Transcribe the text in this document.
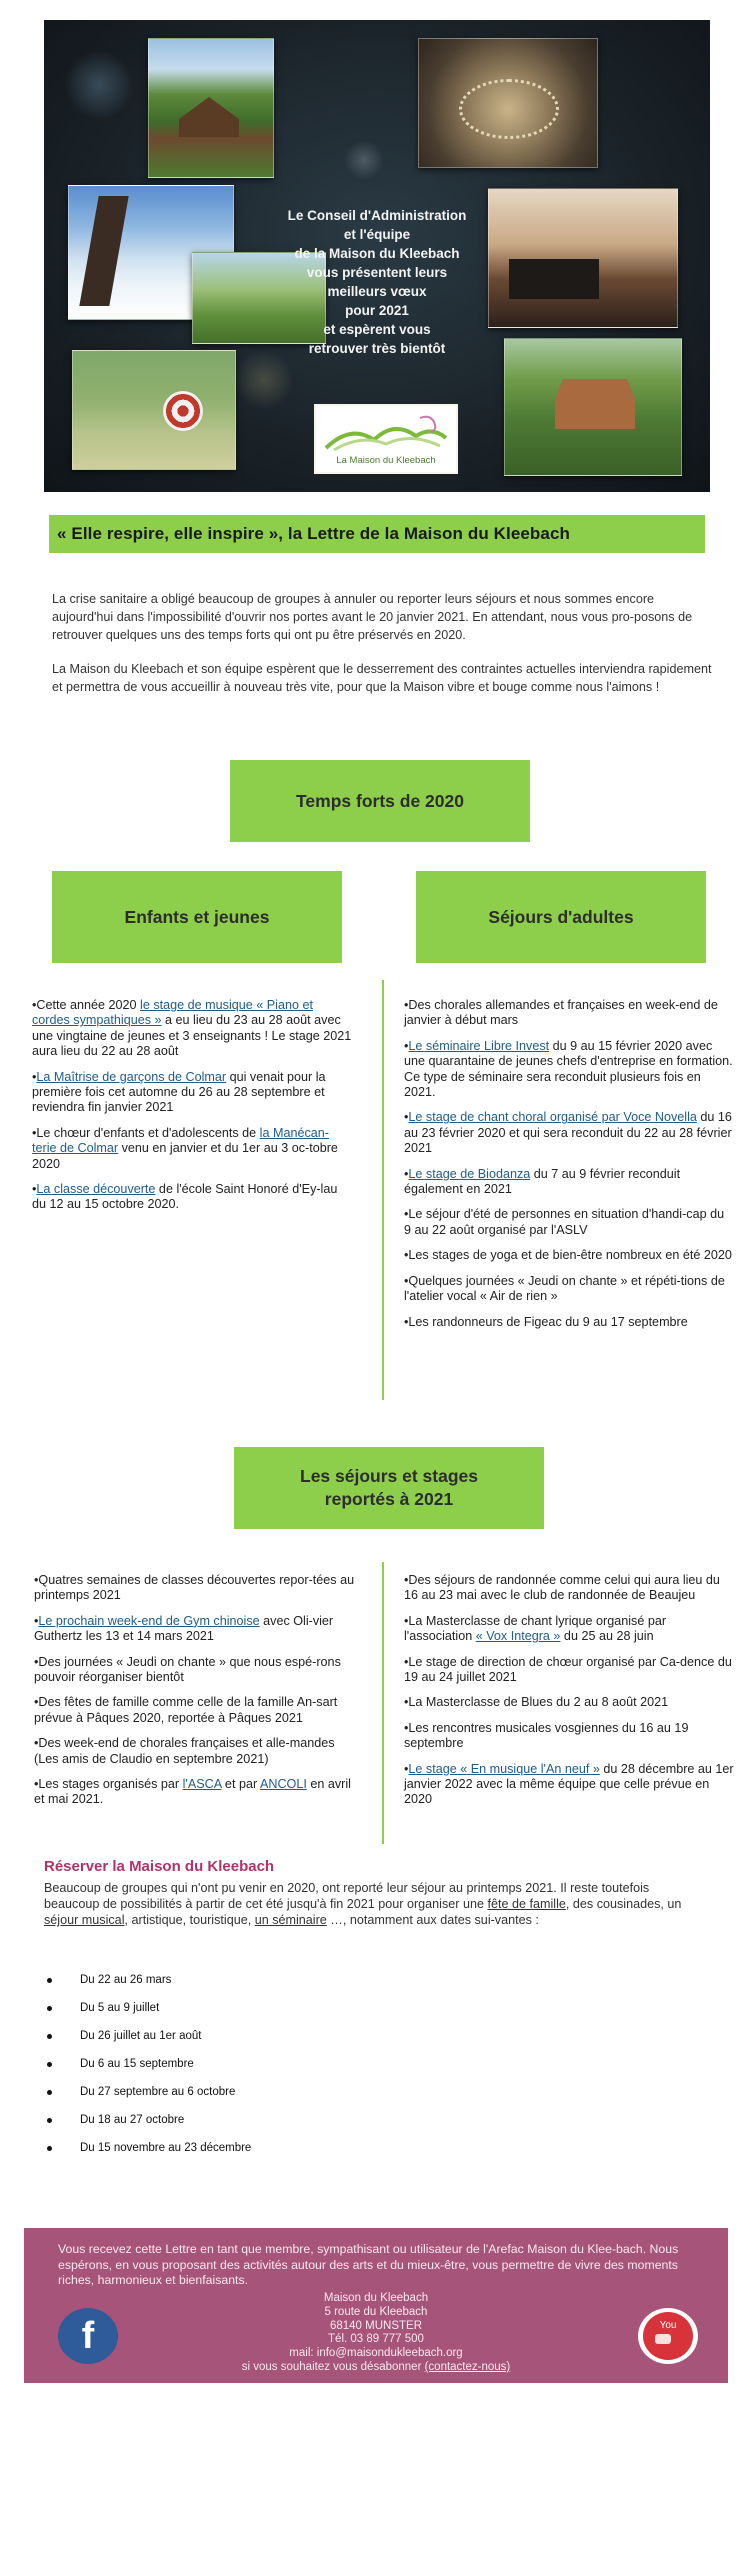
Le Conseil d'Administration
et l'équipe
de la Maison du Kleebach
vous présentent leurs
meilleurs vœux
pour 2021
et espèrent vous
retrouver très bientôt
La Maison du Kleebach
« Elle respire, elle inspire », la Lettre de la Maison du Kleebach

La crise sanitaire a obligé beaucoup de groupes à annuler ou reporter leurs séjours et nous sommes encore aujourd'hui dans l'impossibilité d'ouvrir nos portes avant le 20 janvier 2021. En attendant, nous vous pro-posons de retrouver quelques uns des temps forts qui ont pu être préservés en 2020.

La Maison du Kleebach et son équipe espèrent que le desserrement des contraintes actuelles interviendra rapidement et permettra de vous accueillir à nouveau très vite, pour que la Maison vibre et bouge comme nous l'aimons !

Temps forts de 2020
Enfants et jeunes	Séjours d'adultes

•Cette année 2020 le stage de musique « Piano et cordes sympathiques » a eu lieu du 23 au 28 août avec une vingtaine de jeunes et 3 enseignants ! Le stage 2021 aura lieu du 22 au 28 août

•La Maîtrise de garçons de Colmar qui venait pour la première fois cet automne du 26 au 28 septembre et reviendra fin janvier 2021

•Le chœur d'enfants et d'adolescents de la Manécan-terie de Colmar venu en janvier et du 1er au 3 oc-tobre 2020

•La classe découverte de l'école Saint Honoré d'Ey-lau du 12 au 15 octobre 2020.

•Des chorales allemandes et françaises en week-end de janvier à début mars

•Le séminaire Libre Invest du 9 au 15 février 2020 avec une quarantaine de jeunes chefs d'entreprise en formation. Ce type de séminaire sera reconduit plusieurs fois en 2021.

•Le stage de chant choral organisé par Voce Novella du 16 au 23 février 2020 et qui sera reconduit du 22 au 28 février 2021

•Le stage de Biodanza du 7 au 9 février reconduit également en 2021

•Le séjour d'été de personnes en situation d'handi-cap du 9 au 22 août organisé par l'ASLV

•Les stages de yoga et de bien-être nombreux en été 2020

•Quelques journées « Jeudi on chante » et répéti-tions de l'atelier vocal « Air de rien »

•Les randonneurs de Figeac du 9 au 17 septembre

Les séjours et stages reportés à 2021

•Quatres semaines de classes découvertes repor-tées au printemps 2021

•Le prochain week-end de Gym chinoise avec Oli-vier Guthertz les 13 et 14 mars 2021

•Des journées « Jeudi on chante » que nous espé-rons pouvoir réorganiser bientôt

•Des fêtes de famille comme celle de la famille An-sart prévue à Pâques 2020, reportée à Pâques 2021

•Des week-end de chorales françaises et alle-mandes (Les amis de Claudio en septembre 2021)

•Les stages organisés par l'ASCA et par ANCOLI en avril et mai 2021.

•Des séjours de randonnée comme celui qui aura lieu du 16 au 23 mai avec le club de randonnée de Beaujeu

•La Masterclasse de chant lyrique organisé par l'association « Vox Integra » du 25 au 28 juin

•Le stage de direction de chœur organisé par Ca-dence du 19 au 24 juillet 2021

•La Masterclasse de Blues du 2 au 8 août 2021

•Les rencontres musicales vosgiennes du 16 au 19 septembre

•Le stage « En musique l'An neuf » du 28 décembre au 1er janvier 2022 avec la même équipe que celle prévue en 2020

Réserver la Maison du Kleebach

Beaucoup de groupes qui n'ont pu venir en 2020, ont reporté leur séjour au printemps 2021. Il reste toutefois beaucoup de possibilités à partir de cet été jusqu'à fin 2021 pour organiser une fête de famille, des cousinades, un séjour musical, artistique, touristique, un séminaire …, notamment aux dates sui-vantes :

Du 22 au 26 mars
Du 5 au 9 juillet
Du 26 juillet au 1er août
Du 6 au 15 septembre
Du 27 septembre au 6 octobre
Du 18 au 27 octobre
Du 15 novembre au 23 décembre

Vous recevez cette Lettre en tant que membre, sympathisant ou utilisateur de l'Arefac Maison du Klee-bach. Nous espérons, en vous proposant des activités autour des arts et du mieux-être, vous permettre de vivre des moments riches, harmonieux et bienfaisants.

Maison du Kleebach
5 route du Kleebach
68140 MUNSTER
Tél. 03 89 777 500
mail: info@maisondukleebach.org
si vous souhaitez vous désabonner (contactez-nous)
f	You
